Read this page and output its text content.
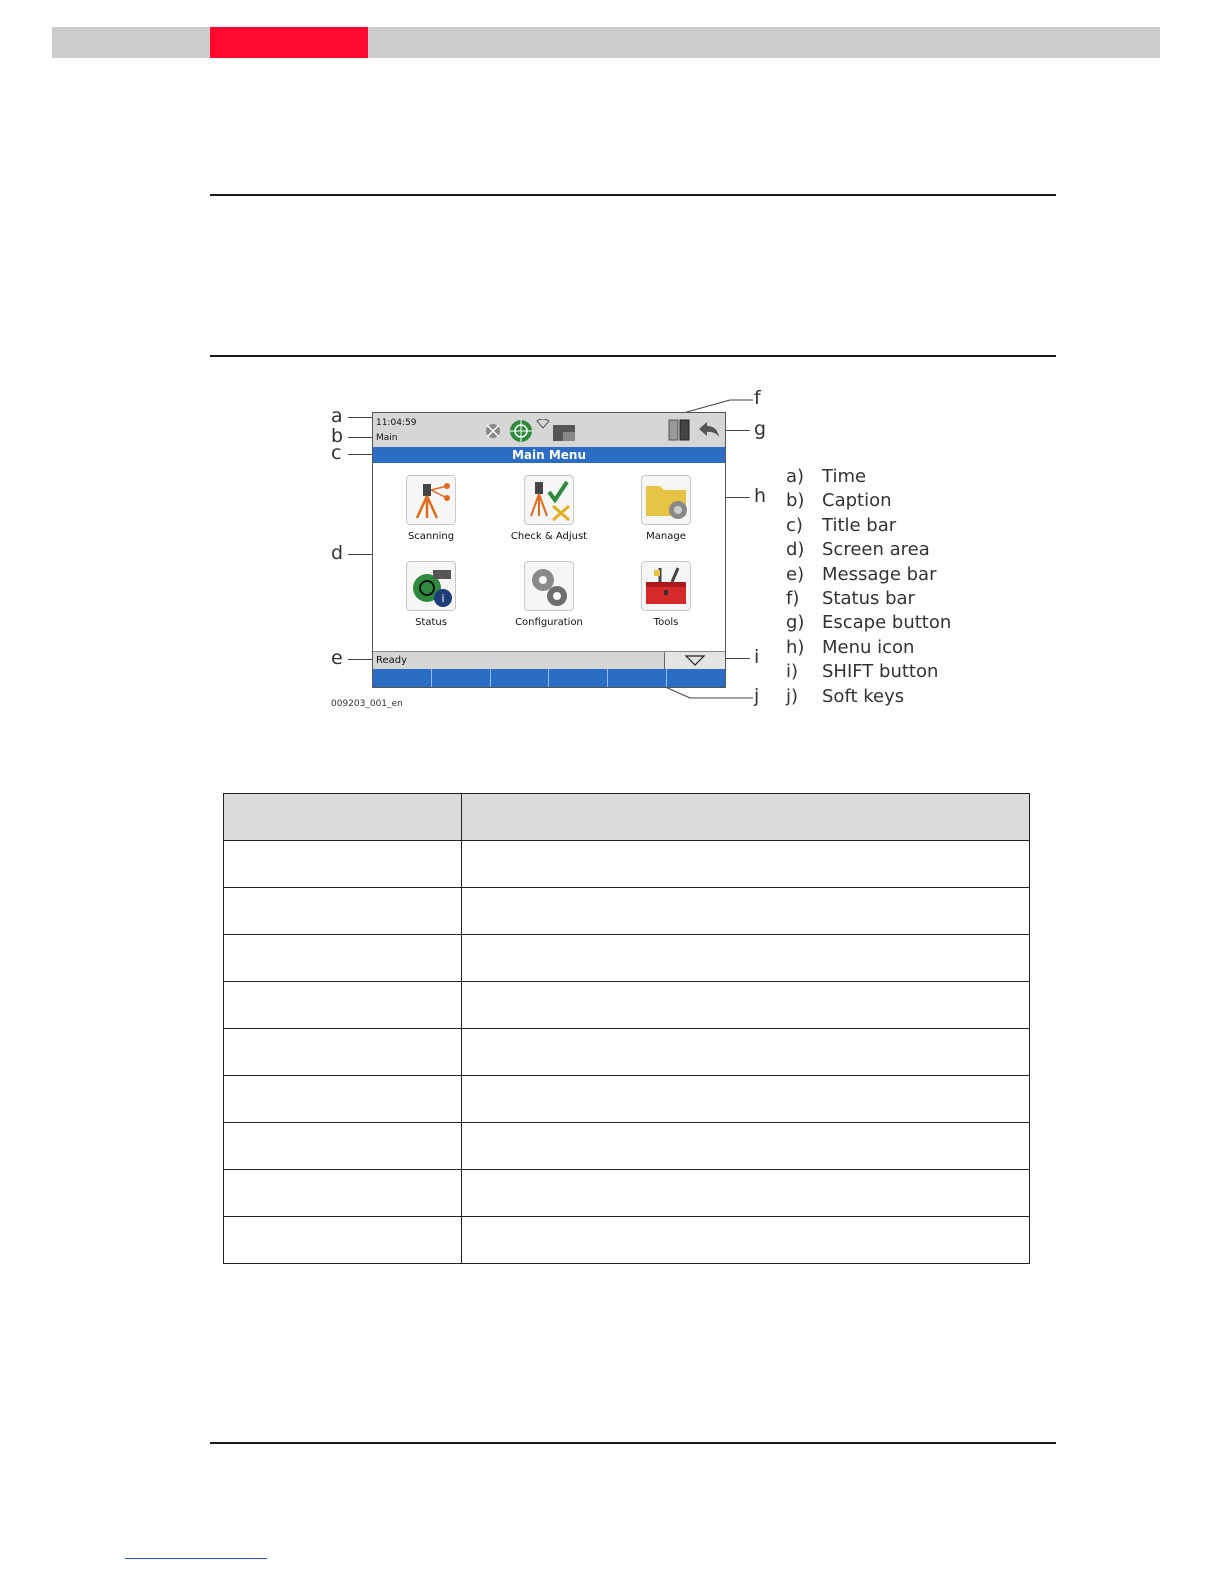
a
b
c
d
e
f
g
h
i
j
11:04:59
Main
Main Menu
Scanning	Check & Adjust	Manage
i
Status	Configuration	Tools
Ready
009203_001_en
a) Time
b) Caption
c)	Title bar
d) Screen area
e) Message bar
f)	Status bar
g) Escape button
h) Menu icon
i)	SHIFT button
j)	Soft keys
